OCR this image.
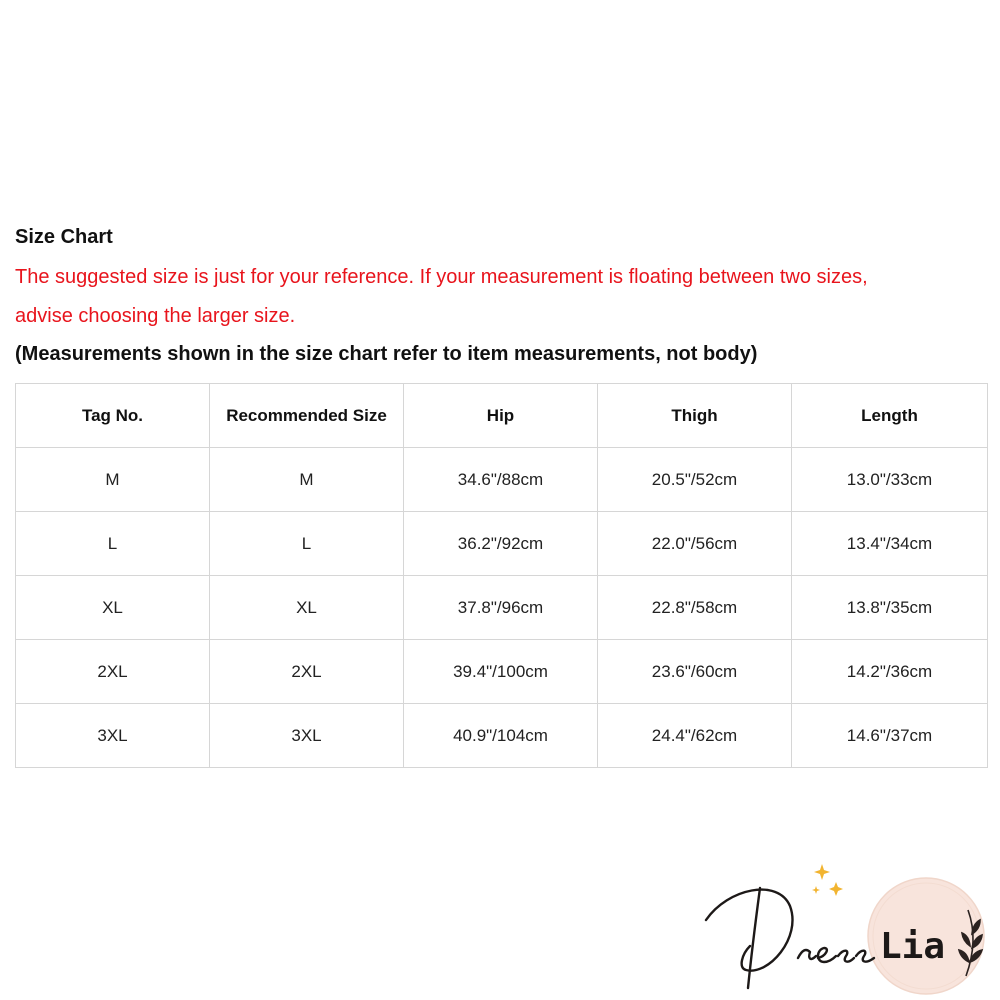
Size Chart
The suggested size is just for your reference. If your measurement is floating between two sizes,
advise choosing the larger size.
(Measurements shown in the size chart refer to item measurements, not body)
Tag No.	Recommended Size	Hip	Thigh	Length
M	M	34.6"/88cm	20.5"/52cm	13.0"/33cm
L	L	36.2"/92cm	22.0"/56cm	13.4"/34cm
XL	XL	37.8"/96cm	22.8"/58cm	13.8"/35cm
2XL	2XL	39.4"/100cm	23.6"/60cm	14.2"/36cm
3XL	3XL	40.9"/104cm	24.4"/62cm	14.6"/37cm
Lia
